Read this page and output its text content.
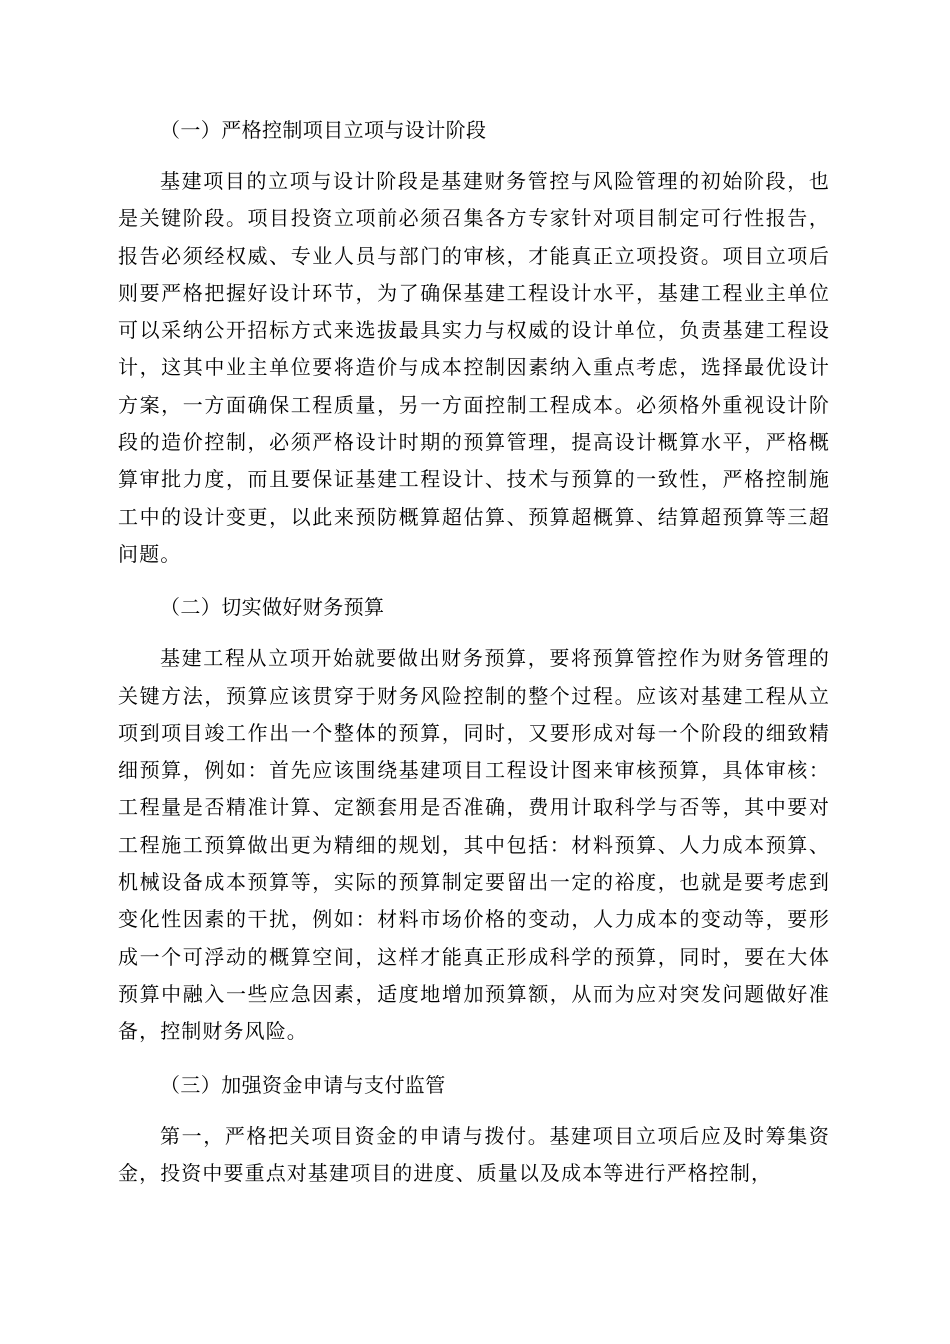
（一）严格控制项目立项与设计阶段

基建项目的立项与设计阶段是基建财务管控与风险管理的初始阶段，也是关键阶段。项目投资立项前必须召集各方专家针对项目制定可行性报告，报告必须经权威、专业人员与部门的审核，才能真正立项投资。项目立项后则要严格把握好设计环节，为了确保基建工程设计水平，基建工程业主单位可以采纳公开招标方式来选拔最具实力与权威的设计单位，负责基建工程设计，这其中业主单位要将造价与成本控制因素纳入重点考虑，选择最优设计方案，一方面确保工程质量，另一方面控制工程成本。必须格外重视设计阶段的造价控制，必须严格设计时期的预算管理，提高设计概算水平，严格概算审批力度，而且要保证基建工程设计、技术与预算的一致性，严格控制施工中的设计变更，以此来预防概算超估算、预算超概算、结算超预算等三超问题。

（二）切实做好财务预算

基建工程从立项开始就要做出财务预算，要将预算管控作为财务管理的关键方法，预算应该贯穿于财务风险控制的整个过程。应该对基建工程从立项到项目竣工作出一个整体的预算，同时，又要形成对每一个阶段的细致精细预算，例如：首先应该围绕基建项目工程设计图来审核预算，具体审核：工程量是否精准计算、定额套用是否准确，费用计取科学与否等，其中要对工程施工预算做出更为精细的规划，其中包括：材料预算、人力成本预算、机械设备成本预算等，实际的预算制定要留出一定的裕度，也就是要考虑到变化性因素的干扰，例如：材料市场价格的变动，人力成本的变动等，要形成一个可浮动的概算空间，这样才能真正形成科学的预算，同时，要在大体预算中融入一些应急因素，适度地增加预算额，从而为应对突发问题做好准备，控制财务风险。

（三）加强资金申请与支付监管

第一，严格把关项目资金的申请与拨付。基建项目立项后应及时筹集资金，投资中要重点对基建项目的进度、质量以及成本等进行严格控制，
